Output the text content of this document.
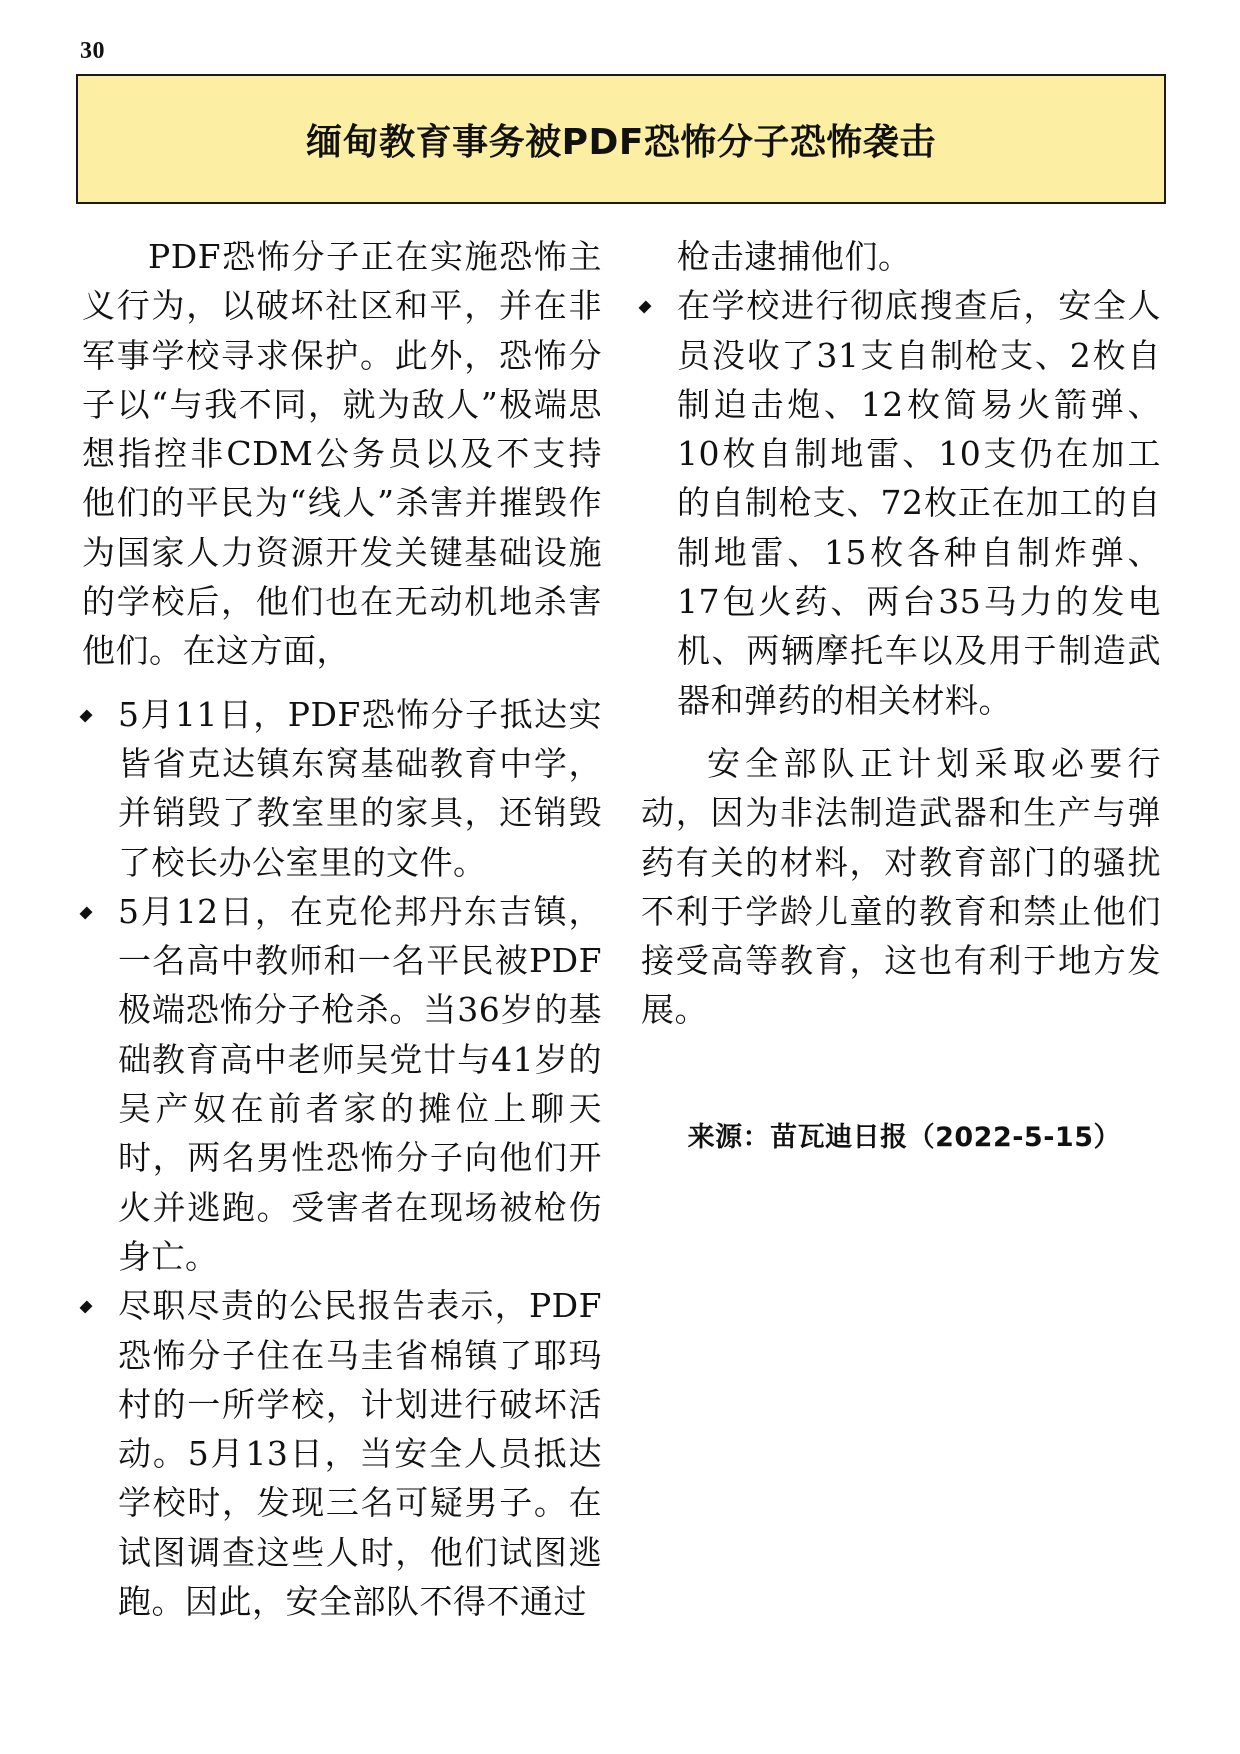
30
缅甸教育事务被PDF恐怖分子恐怖袭击

PDF恐怖分子正在实施恐怖主义行为，以破坏社区和平，并在非军事学校寻求保护。此外，恐怖分子以“与我不同，就为敌人”极端思想指控非CDM公务员以及不支持他们的平民为“线人”杀害并摧毁作为国家人力资源开发关键基础设施的学校后，他们也在无动机地杀害他们。在这方面，

5月11日，PDF恐怖分子抵达实皆省克达镇东窝基础教育中学，并销毁了教室里的家具，还销毁了校长办公室里的文件。
5月12日，在克伦邦丹东吉镇，一名高中教师和一名平民被PDF极端恐怖分子枪杀。当36岁的基础教育高中老师吴党廿与41岁的吴产奴在前者家的摊位上聊天时，两名男性恐怖分子向他们开火并逃跑。受害者在现场被枪伤身亡。
尽职尽责的公民报告表示，PDF恐怖分子住在马圭省棉镇了耶玛村的一所学校，计划进行破坏活动。5月13日，当安全人员抵达学校时，发现三名可疑男子。在试图调查这些人时，他们试图逃跑。因此，安全部队不得不通过
枪击逮捕他们。
在学校进行彻底搜查后，安全人员没收了31支自制枪支、2枚自制迫击炮、12枚简易火箭弹、10枚自制地雷、10支仍在加工的自制枪支、72枚正在加工的自制地雷、15枚各种自制炸弹、17包火药、两台35马力的发电机、两辆摩托车以及用于制造武器和弹药的相关材料。

安全部队正计划采取必要行动，因为非法制造武器和生产与弹药有关的材料，对教育部门的骚扰不利于学龄儿童的教育和禁止他们接受高等教育，这也有利于地方发展。

来源：苗瓦迪日报（2022-5-15）
